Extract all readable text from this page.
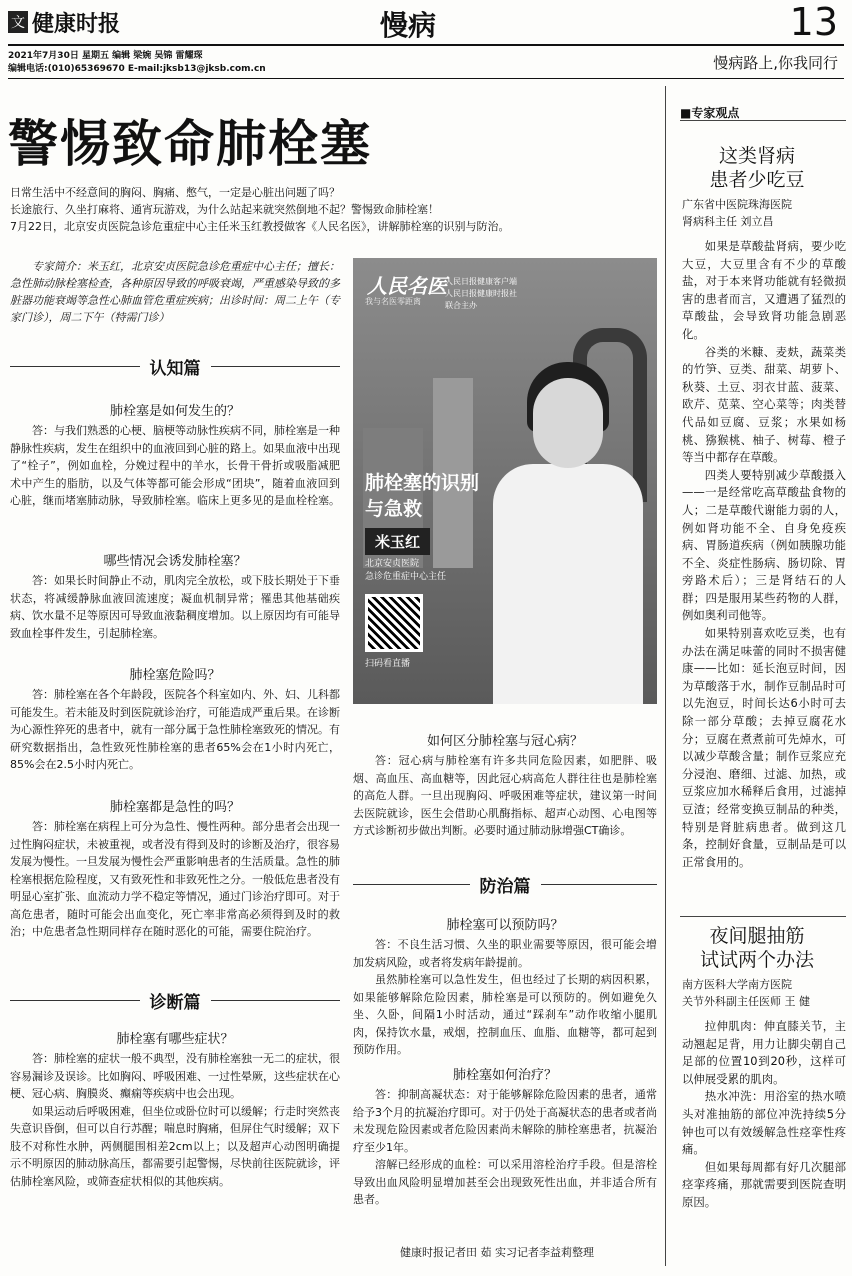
文 健康时报	慢病	13
2021年7月30日 星期五 编辑 梁婉 吴锦 雷耀琛
编辑电话:(010)65369670 E-mail:jksb13@jksb.com.cn	慢病路上,你我同行
警惕致命肺栓塞

日常生活中不经意间的胸闷、胸痛、憋气，一定是心脏出问题了吗？

长途旅行、久坐打麻将、通宵玩游戏，为什么站起来就突然倒地不起？警惕致命肺栓塞！

7月22日，北京安贞医院急诊危重症中心主任米玉红教授做客《人民名医》，讲解肺栓塞的识别与防治。

专家简介：米玉红，北京安贞医院急诊危重症中心主任；擅长：急性肺动脉栓塞检查，各种原因导致的呼吸衰竭，严重感染导致的多脏器功能衰竭等急性心肺血管危重症疾病；出诊时间：周二上午（专家门诊），周二下午（特需门诊）
认知篇
肺栓塞是如何发生的？

答：与我们熟悉的心梗、脑梗等动脉性疾病不同，肺栓塞是一种静脉性疾病，发生在组织中的血液回到心脏的路上。如果血液中出现了“栓子”，例如血栓，分娩过程中的羊水，长骨干骨折或吸脂减肥术中产生的脂肪，以及气体等都可能会形成“团块”，随着血液回到心脏，继而堵塞肺动脉，导致肺栓塞。临床上更多见的是血栓栓塞。

哪些情况会诱发肺栓塞？

答：如果长时间静止不动，肌肉完全放松，或下肢长期处于下垂状态，将减缓静脉血液回流速度；凝血机制异常；罹患其他基础疾病、饮水量不足等原因可导致血液黏稠度增加。以上原因均有可能导致血栓事件发生，引起肺栓塞。

肺栓塞危险吗？

答：肺栓塞在各个年龄段，医院各个科室如内、外、妇、儿科都可能发生。若未能及时到医院就诊治疗，可能造成严重后果。在诊断为心源性猝死的患者中，就有一部分属于急性肺栓塞致死的情况。有研究数据指出，急性致死性肺栓塞的患者65%会在1小时内死亡，85%会在2.5小时内死亡。

肺栓塞都是急性的吗？

答：肺栓塞在病程上可分为急性、慢性两种。部分患者会出现一过性胸闷症状，未被重视，或者没有得到及时的诊断及治疗，很容易发展为慢性。一旦发展为慢性会严重影响患者的生活质量。急性的肺栓塞根据危险程度，又有致死性和非致死性之分。一般低危患者没有明显心室扩张、血流动力学不稳定等情况，通过门诊治疗即可。对于高危患者，随时可能会出血变化，死亡率非常高必须得到及时的救治；中危患者急性期同样存在随时恶化的可能，需要住院治疗。

诊断篇
肺栓塞有哪些症状？

答：肺栓塞的症状一般不典型，没有肺栓塞独一无二的症状，很容易漏诊及误诊。比如胸闷、呼吸困难、一过性晕厥，这些症状在心梗、冠心病、胸膜炎、癫痫等疾病中也会出现。

如果运动后呼吸困难，但坐位或卧位时可以缓解；行走时突然丧失意识昏倒，但可以自行苏醒；喘息时胸痛，但屏住气时缓解；双下肢不对称性水肿，两侧腿围相差2cm以上；以及超声心动图明确提示不明原因的肺动脉高压，都需要引起警惕，尽快前往医院就诊，评估肺栓塞风险，或筛查症状相似的其他疾病。

人民名医
我与名医零距离
人民日报健康客户端
人民日报健康时报社
联合主办
肺栓塞的识别
与急救
米玉红
北京安贞医院
急诊危重症中心主任
扫码看直播
如何区分肺栓塞与冠心病？

答：冠心病与肺栓塞有许多共同危险因素，如肥胖、吸烟、高血压、高血糖等，因此冠心病高危人群往往也是肺栓塞的高危人群。一旦出现胸闷、呼吸困难等症状，建议第一时间去医院就诊，医生会借助心肌酶指标、超声心动图、心电图等方式诊断初步做出判断。必要时通过肺动脉增强CT确诊。

防治篇
肺栓塞可以预防吗？

答：不良生活习惯、久坐的职业需要等原因，很可能会增加发病风险，或者将发病年龄提前。

虽然肺栓塞可以急性发生，但也经过了长期的病因积累，如果能够解除危险因素，肺栓塞是可以预防的。例如避免久坐、久卧，间隔1小时活动，通过“踩刹车”动作收缩小腿肌肉，保持饮水量，戒烟，控制血压、血脂、血糖等，都可起到预防作用。

肺栓塞如何治疗？

答：抑制高凝状态：对于能够解除危险因素的患者，通常给予3个月的抗凝治疗即可。对于仍处于高凝状态的患者或者尚未发现危险因素或者危险因素尚未解除的肺栓塞患者，抗凝治疗至少1年。

溶解已经形成的血栓：可以采用溶栓治疗手段。但是溶栓导致出血风险明显增加甚至会出现致死性出血，并非适合所有患者。

健康时报记者田 茹 实习记者李益莉整理
■专家观点
这类肾病
患者少吃豆
广东省中医院珠海医院
肾病科主任 刘立昌

如果是草酸盐肾病，要少吃大豆，大豆里含有不少的草酸盐，对于本来肾功能就有轻微损害的患者而言，又遭遇了猛烈的草酸盐，会导致肾功能急剧恶化。

谷类的米糠、麦麸，蔬菜类的竹笋、豆类、甜菜、胡萝卜、秋葵、土豆、羽衣甘蓝、菠菜、欧芹、苋菜、空心菜等；肉类替代品如豆腐、豆浆；水果如杨桃、猕猴桃、柚子、树莓、橙子等当中都存在草酸。

四类人要特别减少草酸摄入——一是经常吃高草酸盐食物的人；二是草酸代谢能力弱的人，例如肾功能不全、自身免疫疾病、胃肠道疾病（例如胰腺功能不全、炎症性肠病、肠切除、胃旁路术后）；三是肾结石的人群；四是服用某些药物的人群，例如奥利司他等。

如果特别喜欢吃豆类，也有办法在满足味蕾的同时不损害健康——比如：延长泡豆时间，因为草酸落于水，制作豆制品时可以先泡豆，时间长达6小时可去除一部分草酸；去掉豆腐花水分；豆腐在煮煮前可先焯水，可以减少草酸含量；制作豆浆应充分浸泡、磨细、过滤、加热，或豆浆应加水稀释后食用，过滤掉豆渣；经常变换豆制品的种类，特别是肾脏病患者。做到这几条，控制好食量，豆制品是可以正常食用的。

夜间腿抽筋
试试两个办法
南方医科大学南方医院
关节外科副主任医师 王 健

拉伸肌肉：伸直膝关节，主动翘起足背，用力让脚尖朝自己足部的位置10到20秒，这样可以伸展受累的肌肉。

热水冲洗：用浴室的热水喷头对准抽筋的部位冲洗持续5分钟也可以有效缓解急性痉挛性疼痛。

但如果每周都有好几次腿部痉挛疼痛，那就需要到医院查明原因。
